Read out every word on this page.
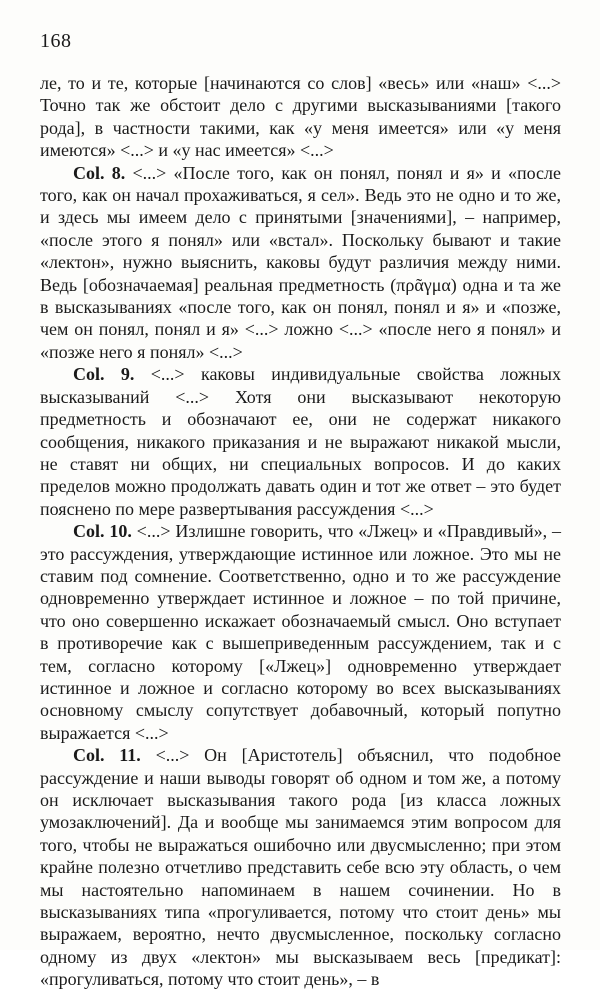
168

ле, то и те, которые [начинаются со слов] «весь» или «наш» <...> Точно так же обстоит дело с другими высказываниями [такого рода], в частности такими, как «у меня имеется» или «у меня имеются» <...> и «у нас имеется» <...>

Col. 8. <...> «После того, как он понял, понял и я» и «после того, как он начал прохаживаться, я сел». Ведь это не одно и то же, и здесь мы имеем дело с принятыми [значениями], – например, «после этого я понял» или «встал». Поскольку бывают и такие «лектон», нужно выяснить, каковы будут различия между ними. Ведь [обозначаемая] реальная предметность (πρᾶγμα) одна и та же в высказываниях «после того, как он понял, понял и я» и «позже, чем он понял, понял и я» <...> ложно <...> «после него я понял» и «позже него я понял» <...>

Col. 9. <...> каковы индивидуальные свойства ложных высказываний <...> Хотя они высказывают некоторую предметность и обозначают ее, они не содержат никакого сообщения, никакого приказания и не выражают никакой мысли, не ставят ни общих, ни специальных вопросов. И до каких пределов можно продолжать давать один и тот же ответ – это будет пояснено по мере развертывания рассуждения <...>

Col. 10. <...> Излишне говорить, что «Лжец» и «Правдивый», – это рассуждения, утверждающие истинное или ложное. Это мы не ставим под сомнение. Соответственно, одно и то же рассуждение одновременно утверждает истинное и ложное – по той причине, что оно совершенно искажает обозначаемый смысл. Оно вступает в противоречие как с вышеприведенным рассуждением, так и с тем, согласно которому [«Лжец»] одновременно утверждает истинное и ложное и согласно которому во всех высказываниях основному смыслу сопутствует добавочный, который попутно выражается <...>

Col. 11. <...> Он [Аристотель] объяснил, что подобное рассуждение и наши выводы говорят об одном и том же, а потому он исключает высказывания такого рода [из класса ложных умозаключений]. Да и вообще мы занимаемся этим вопросом для того, чтобы не выражаться ошибочно или двусмысленно; при этом крайне полезно отчетливо представить себе всю эту область, о чем мы настоятельно напоминаем в нашем сочинении. Но в высказываниях типа «прогуливается, потому что стоит день» мы выражаем, вероятно, нечто двусмысленное, поскольку согласно одному из двух «лектон» мы высказываем весь [предикат]: «прогуливаться, потому что стоит день», – в
